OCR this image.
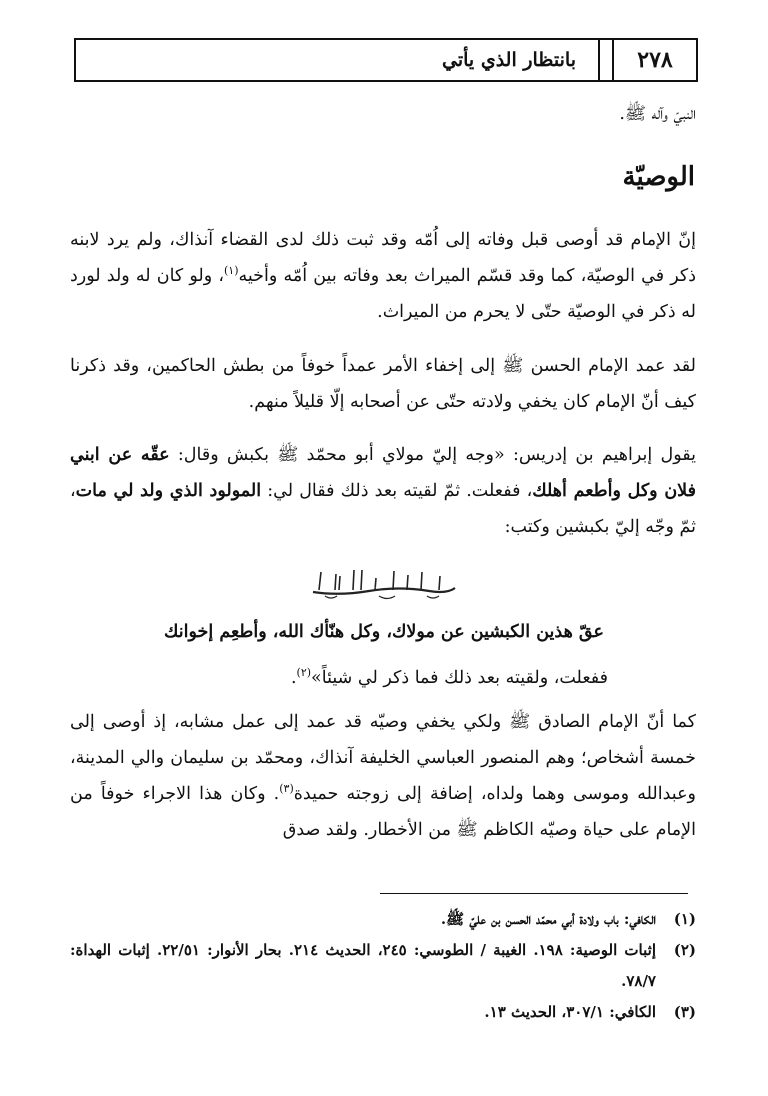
٢٧٨
بانتظار الذي يأتي
النبيّ وآله ﷺ.
الوصيّة
إنّ الإمام قد أوصى قبل وفاته إلى اُمّه وقد ثبت ذلك لدى القضاء آنذاك، ولم يرد لابنه ذكر في الوصيّة، كما وقد قسّم الميراث بعد وفاته بين اُمّه وأخيه$^{(١)}$، ولو كان له ولد لورد له ذكر في الوصيّة حتّى لا يحرم من الميراث.
لقد عمد الإمام الحسن ﷺ إلى إخفاء الأمر عمداً خوفاً من بطش الحاكمين، وقد ذكرنا كيف أنّ الإمام كان يخفي ولادته حتّى عن أصحابه إلّا قليلاً منهم.
يقول إبراهيم بن إدريس: «وجه إليّ مولاي أبو محمّد ﷺ بكبش وقال: عقّه عن ابني فلان وكل وأطعم أهلك، ففعلت. ثمّ لقيته بعد ذلك فقال لي: المولود الذي ولد لي مات، ثمّ وجّه إليّ بكبشين وكتب:
بسم الله الرحمن الرحيم
عقّ هذين الكبشين عن مولاك، وكل هنّأك الله، وأطعِم إخوانك
ففعلت، ولقيته بعد ذلك فما ذكر لي شيئاً»$^{(٢)}$.
كما أنّ الإمام الصادق ﷺ ولكي يخفي وصيّه قد عمد إلى عمل مشابه، إذ أوصى إلى خمسة أشخاص؛ وهم المنصور العباسي الخليفة آنذاك، ومحمّد بن سليمان والي المدينة، وعبدالله وموسى وهما ولداه، إضافة إلى زوجته حميدة$^{(٣)}$. وكان هذا الاجراء خوفاً من الإمام على حياة وصيّه الكاظم ﷺ من الأخطار. ولقد صدق
(١)
الكافي: باب ولادة أبي محمّد الحسن بن عليّ ﷺ.
(٢)
إثبات الوصية: ١٩٨. الغيبة / الطوسي: ٢٤٥، الحديث ٢١٤. بحار الأنوار: ٢٢/٥١. إثبات الهداة: ٧٨/٧.
(٣)
الكافي: ٣٠٧/١، الحديث ١٣.
